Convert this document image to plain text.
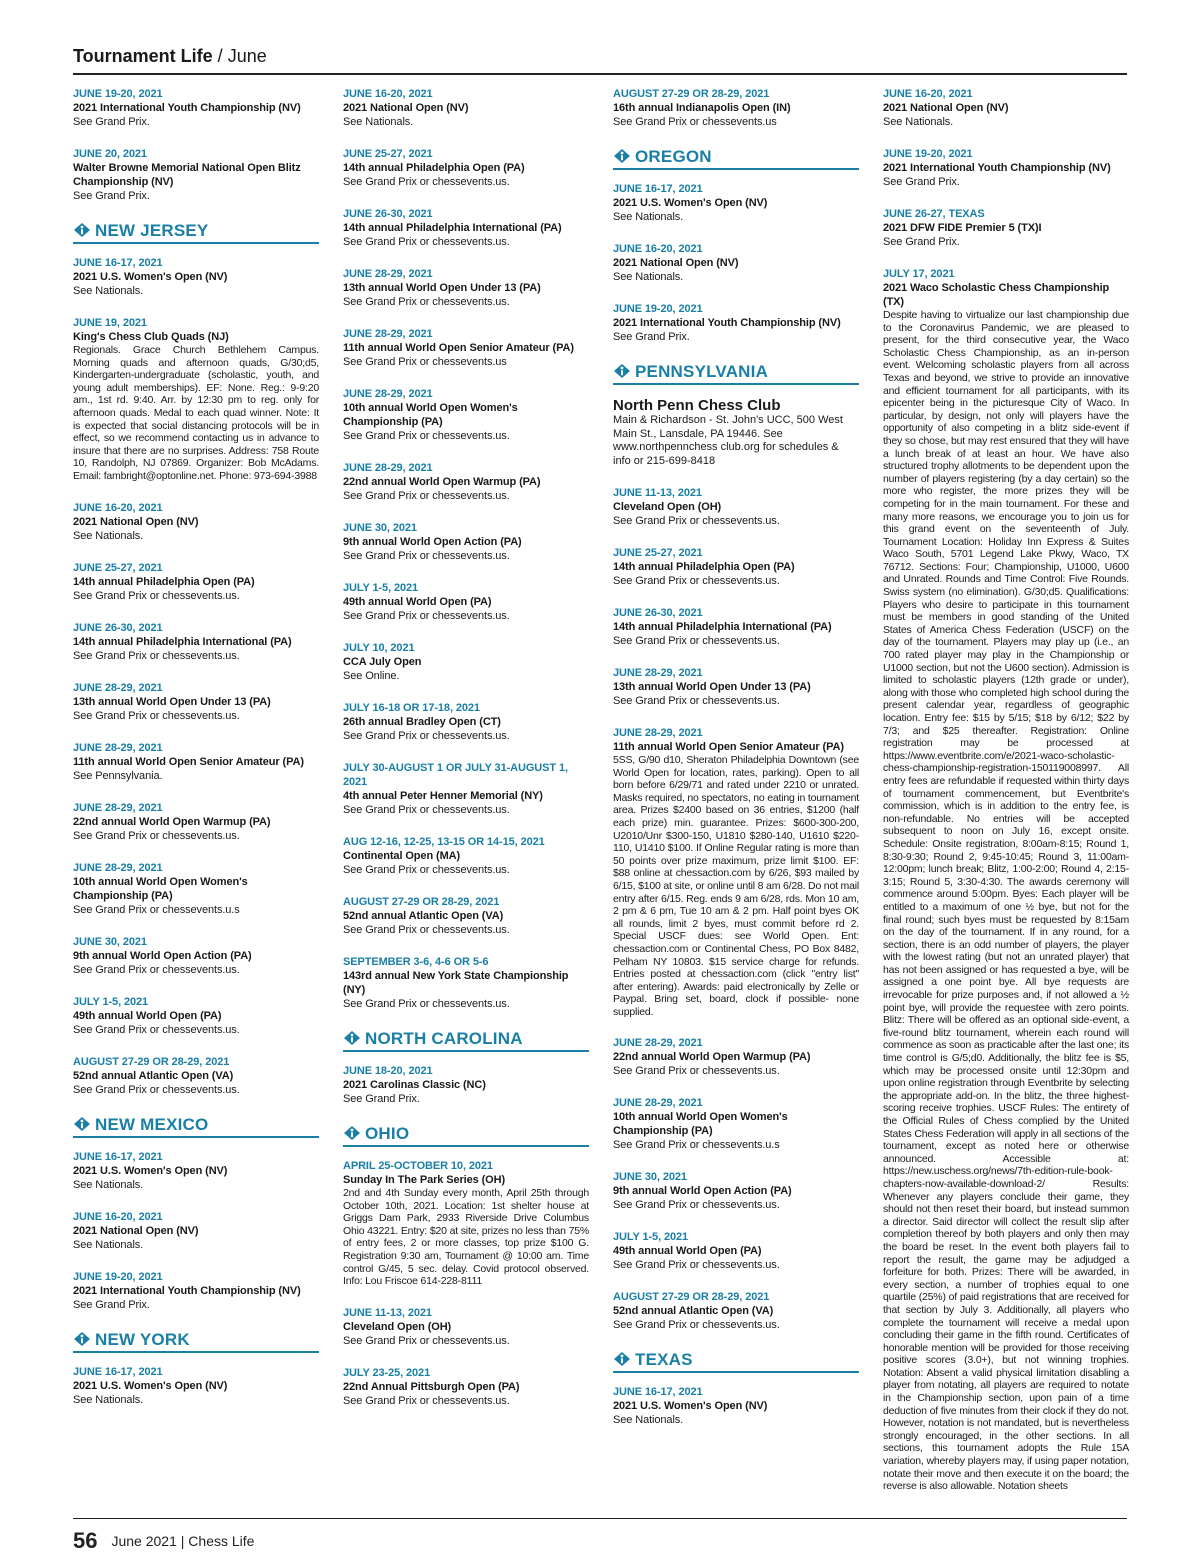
Tournament Life / June
JUNE 19-20, 2021
2021 International Youth Championship (NV)
See Grand Prix.
JUNE 20, 2021
Walter Browne Memorial National Open Blitz Championship (NV)
See Grand Prix.
NEW JERSEY
JUNE 16-17, 2021
2021 U.S. Women's Open (NV)
See Nationals.
JUNE 19, 2021
King's Chess Club Quads (NJ)
Regionals. Grace Church Bethlehem Campus. Morning quads and afternoon quads, G/30;d5, Kindergarten-undergraduate (scholastic, youth, and young adult memberships). EF: None. Reg.: 9-9:20 am., 1st rd. 9:40. Arr. by 12:30 pm to reg. only for afternoon quads. Medal to each quad winner. Note: It is expected that social distancing protocols will be in effect, so we recommend contacting us in advance to insure that there are no surprises. Address: 758 Route 10, Randolph, NJ 07869. Organizer: Bob McAdams. Email: fambright@optonline.net. Phone: 973-694-3988
JUNE 16-20, 2021
2021 National Open (NV)
See Nationals.
JUNE 25-27, 2021
14th annual Philadelphia Open (PA)
See Grand Prix or chessevents.us.
JUNE 26-30, 2021
14th annual Philadelphia International (PA)
See Grand Prix or chessevents.us.
JUNE 28-29, 2021
13th annual World Open Under 13 (PA)
See Grand Prix or chessevents.us.
JUNE 28-29, 2021
11th annual World Open Senior Amateur (PA)
See Pennsylvania.
JUNE 28-29, 2021
22nd annual World Open Warmup (PA)
See Grand Prix or chessevents.us.
JUNE 28-29, 2021
10th annual World Open Women's Championship (PA)
See Grand Prix or chessevents.u.s
JUNE 30, 2021
9th annual World Open Action (PA)
See Grand Prix or chessevents.us.
JULY 1-5, 2021
49th annual World Open (PA)
See Grand Prix or chessevents.us.
AUGUST 27-29 OR 28-29, 2021
52nd annual Atlantic Open (VA)
See Grand Prix or chessevents.us.
NEW MEXICO
JUNE 16-17, 2021
2021 U.S. Women's Open (NV)
See Nationals.
JUNE 16-20, 2021
2021 National Open (NV)
See Nationals.
JUNE 19-20, 2021
2021 International Youth Championship (NV)
See Grand Prix.
NEW YORK
JUNE 16-17, 2021
2021 U.S. Women's Open (NV)
See Nationals.
JUNE 16-20, 2021
2021 National Open (NV)
See Nationals.
JUNE 25-27, 2021
14th annual Philadelphia Open (PA)
See Grand Prix or chessevents.us.
JUNE 26-30, 2021
14th annual Philadelphia International (PA)
See Grand Prix or chessevents.us.
JUNE 28-29, 2021
13th annual World Open Under 13 (PA)
See Grand Prix or chessevents.us.
JUNE 28-29, 2021
11th annual World Open Senior Amateur (PA)
See Grand Prix or chessevents.us
JUNE 28-29, 2021
10th annual World Open Women's Championship (PA)
See Grand Prix or chessevents.us.
JUNE 28-29, 2021
22nd annual World Open Warmup (PA)
See Grand Prix or chessevents.us.
JUNE 30, 2021
9th annual World Open Action (PA)
See Grand Prix or chessevents.us.
JULY 1-5, 2021
49th annual World Open (PA)
See Grand Prix or chessevents.us.
JULY 10, 2021
CCA July Open
See Online.
JULY 16-18 OR 17-18, 2021
26th annual Bradley Open (CT)
See Grand Prix or chessevents.us.
JULY 30-AUGUST 1 OR JULY 31-AUGUST 1, 2021
4th annual Peter Henner Memorial (NY)
See Grand Prix or chessevents.us.
AUG 12-16, 12-25, 13-15 OR 14-15, 2021
Continental Open (MA)
See Grand Prix or chessevents.us.
AUGUST 27-29 OR 28-29, 2021
52nd annual Atlantic Open (VA)
See Grand Prix or chessevents.us.
SEPTEMBER 3-6, 4-6 OR 5-6
143rd annual New York State Championship (NY)
See Grand Prix or chessevents.us.
NORTH CAROLINA
JUNE 18-20, 2021
2021 Carolinas Classic (NC)
See Grand Prix.
OHIO
APRIL 25-OCTOBER 10, 2021
Sunday In The Park Series (OH)
2nd and 4th Sunday every month, April 25th through October 10th, 2021. Location: 1st shelter house at Griggs Dam Park, 2933 Riverside Drive Columbus Ohio 43221. Entry: $20 at site, prizes no less than 75% of entry fees, 2 or more classes, top prize $100 G. Registration 9:30 am, Tournament @ 10:00 am. Time control G/45, 5 sec. delay. Covid protocol observed. Info: Lou Friscoe 614-228-8111
JUNE 11-13, 2021
Cleveland Open (OH)
See Grand Prix or chessevents.us.
JULY 23-25, 2021
22nd Annual Pittsburgh Open (PA)
See Grand Prix or chessevents.us.
AUGUST 27-29 OR 28-29, 2021
16th annual Indianapolis Open (IN)
See Grand Prix or chessevents.us
OREGON
JUNE 16-17, 2021
2021 U.S. Women's Open (NV)
See Nationals.
JUNE 16-20, 2021
2021 National Open (NV)
See Nationals.
JUNE 19-20, 2021
2021 International Youth Championship (NV)
See Grand Prix.
PENNSYLVANIA
North Penn Chess Club
Main & Richardson - St. John's UCC, 500 West Main St., Lansdale, PA 19446. See www.northpennchess club.org for schedules & info or 215-699-8418
JUNE 11-13, 2021
Cleveland Open (OH)
See Grand Prix or chessevents.us.
JUNE 25-27, 2021
14th annual Philadelphia Open (PA)
See Grand Prix or chessevents.us.
JUNE 26-30, 2021
14th annual Philadelphia International (PA)
See Grand Prix or chessevents.us.
JUNE 28-29, 2021
13th annual World Open Under 13 (PA)
See Grand Prix or chessevents.us.
JUNE 28-29, 2021
11th annual World Open Senior Amateur (PA)
5SS, G/90 d10, Sheraton Philadelphia Downtown (see World Open for location, rates, parking). Open to all born before 6/29/71 and rated under 2210 or unrated. Masks required, no spectators, no eating in tournament area. Prizes $2400 based on 36 entries, $1200 (half each prize) min. guarantee. Prizes: $600-300-200, U2010/Unr $300-150, U1810 $280-140, U1610 $220-110, U1410 $100. If Online Regular rating is more than 50 points over prize maximum, prize limit $100. EF: $88 online at chessaction.com by 6/26, $93 mailed by 6/15, $100 at site, or online until 8 am 6/28. Do not mail entry after 6/15. Reg. ends 9 am 6/28, rds. Mon 10 am, 2 pm & 6 pm, Tue 10 am & 2 pm. Half point byes OK all rounds, limit 2 byes, must commit before rd 2. Special USCF dues: see World Open. Ent: chessaction.com or Continental Chess, PO Box 8482, Pelham NY 10803. $15 service charge for refunds. Entries posted at chessaction.com (click "entry list" after entering). Awards: paid electronically by Zelle or Paypal. Bring set, board, clock if possible- none supplied.
JUNE 28-29, 2021
22nd annual World Open Warmup (PA)
See Grand Prix or chessevents.us.
JUNE 28-29, 2021
10th annual World Open Women's Championship (PA)
See Grand Prix or chessevents.u.s
JUNE 30, 2021
9th annual World Open Action (PA)
See Grand Prix or chessevents.us.
JULY 1-5, 2021
49th annual World Open (PA)
See Grand Prix or chessevents.us.
AUGUST 27-29 OR 28-29, 2021
52nd annual Atlantic Open (VA)
See Grand Prix or chessevents.us.
TEXAS
JUNE 16-17, 2021
2021 U.S. Women's Open (NV)
See Nationals.
JUNE 16-20, 2021
2021 National Open (NV)
See Nationals.
JUNE 19-20, 2021
2021 International Youth Championship (NV)
See Grand Prix.
JUNE 26-27, TEXAS
2021 DFW FIDE Premier 5 (TX)I
See Grand Prix.
JULY 17, 2021
2021 Waco Scholastic Chess Championship (TX)
Despite having to virtualize our last championship due to the Coronavirus Pandemic, we are pleased to present, for the third consecutive year, the Waco Scholastic Chess Championship, as an in-person event. Welcoming scholastic players from all across Texas and beyond, we strive to provide an innovative and efficient tournament for all participants, with its epicenter being in the picturesque City of Waco. In particular, by design, not only will players have the opportunity of also competing in a blitz side-event if they so chose, but may rest ensured that they will have a lunch break of at least an hour. We have also structured trophy allotments to be dependent upon the number of players registering (by a day certain) so the more who register, the more prizes they will be competing for in the main tournament. For these and many more reasons, we encourage you to join us for this grand event on the seventeenth of July. Tournament Location: Holiday Inn Express & Suites Waco South, 5701 Legend Lake Pkwy, Waco, TX 76712. Sections: Four; Championship, U1000, U600 and Unrated. Rounds and Time Control: Five Rounds. Swiss system (no elimination). G/30;d5. Qualifications: Players who desire to participate in this tournament must be members in good standing of the United States of America Chess Federation (USCF) on the day of the tournament. Players may play up (i.e., an 700 rated player may play in the Championship or U1000 section, but not the U600 section). Admission is limited to scholastic players (12th grade or under), along with those who completed high school during the present calendar year, regardless of geographic location. Entry fee: $15 by 5/15; $18 by 6/12; $22 by 7/3; and $25 thereafter. Registration: Online registration may be processed at https://www.eventbrite.com/e/2021-waco-scholastic-chess-championship-registration-150119008997. All entry fees are refundable if requested within thirty days of tournament commencement, but Eventbrite's commission, which is in addition to the entry fee, is non-refundable. No entries will be accepted subsequent to noon on July 16, except onsite. Schedule: Onsite registration, 8:00am-8:15; Round 1, 8:30-9:30; Round 2, 9:45-10:45; Round 3, 11:00am-12:00pm; lunch break; Blitz, 1:00-2:00; Round 4, 2:15-3:15; Round 5, 3:30-4:30. The awards ceremony will commence around 5:00pm. Byes: Each player will be entitled to a maximum of one ½ bye, but not for the final round; such byes must be requested by 8:15am on the day of the tournament. If in any round, for a section, there is an odd number of players, the player with the lowest rating (but not an unrated player) that has not been assigned or has requested a bye, will be assigned a one point bye. All bye requests are irrevocable for prize purposes and, if not allowed a ½ point bye, will provide the requestee with zero points. Blitz: There will be offered as an optional side-event, a five-round blitz tournament, wherein each round will commence as soon as practicable after the last one; its time control is G/5;d0. Additionally, the blitz fee is $5, which may be processed onsite until 12:30pm and upon online registration through Eventbrite by selecting the appropriate add-on. In the blitz, the three highest-scoring receive trophies. USCF Rules: The entirety of the Official Rules of Chess complied by the United States Chess Federation will apply in all sections of the tournament, except as noted here or otherwise announced. Accessible at: https://new.uschess.org/news/7th-edition-rule-book-chapters-now-available-download-2/ Results: Whenever any players conclude their game, they should not then reset their board, but instead summon a director. Said director will collect the result slip after completion thereof by both players and only then may the board be reset. In the event both players fail to report the result, the game may be adjudged a forfeiture for both. Prizes: There will be awarded, in every section, a number of trophies equal to one quartile (25%) of paid registrations that are received for that section by July 3. Additionally, all players who complete the tournament will receive a medal upon concluding their game in the fifth round. Certificates of honorable mention will be provided for those receiving positive scores (3.0+), but not winning trophies. Notation: Absent a valid physical limitation disabling a player from notating, all players are required to notate in the Championship section, upon pain of a time deduction of five minutes from their clock if they do not. However, notation is not mandated, but is nevertheless strongly encouraged, in the other sections. In all sections, this tournament adopts the Rule 15A variation, whereby players may, if using paper notation, notate their move and then execute it on the board; the reverse is also allowable. Notation sheets
56 June 2021 | Chess Life
